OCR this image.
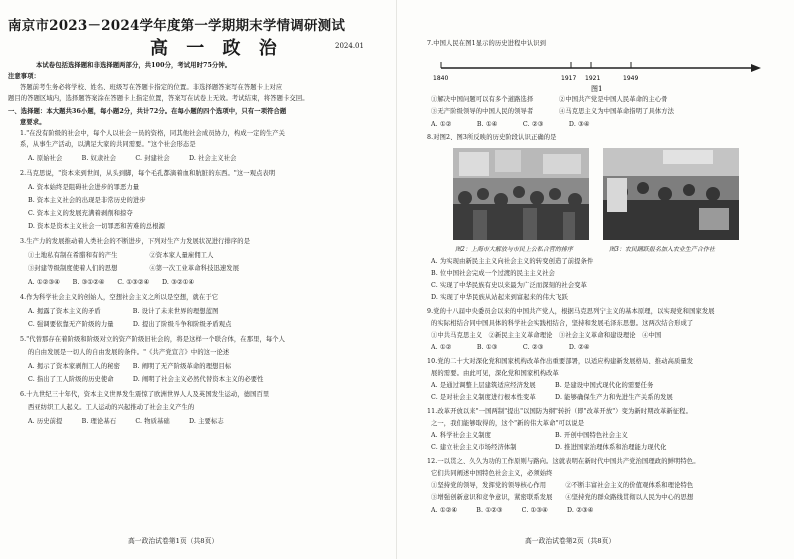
南京市2023－2024学年度第一学期期末学情调研测试
高 一 政 治	2024.01
本试卷包括选择题和非选择题两部分，共100分，考试用时75分钟。
注意事项：
答题前考生务必将学校、姓名、班级写在答题卡指定的位置。非选择题答案写在答题卡上对应
题目的答题区域内，选择题答案涂在答题卡上指定位置，答案写在试卷上无效。考试结束，将答题卡交回。
一、选择题：本大题共36小题，每小题2分，共计72分。在每小题的四个选项中，只有一项符合题
意要求。
1."在没有阶级的社会中，每个人以社会一员的资格，同其他社会成员协力，构成一定的生产关
系，从事生产活动，以满足大家的共同需要。"这个社会形态是
A. 原始社会　　　B. 奴隶社会　　　C. 封建社会　　　D. 社会主义社会
2.马克思说，"资本来到世间，从头到脚，每个毛孔都滴着血和肮脏的东西。"这一观点表明
A. 资本始终是阻碍社会进步的罪恶力量
B. 资本主义社会的出现是非常历史的进步
C. 资本主义的发展充满着剥削和掠夺
D. 资本是资本主义社会一切罪恶和苦难的总根源
3.生产力的发展推动着人类社会的不断进步，下列对生产力发展状况进行排序的是
①土地私有制在希腊和有的产生　　　　　②资本家人量雇佣工人
③封建等级制度使着人们的思想　　　　　④第一次工业革命科技迅速发展
A. ①②③④　　B. ③①②④　　C. ①③②④　　D. ③②①④
4.作为科学社会主义的创始人，空想社会主义之所以是空想，就在于它
A. 揭露了资本主义的矛盾　　　　　B. 设计了未来世界的理想蓝图
C. 强调要依靠无产阶级的力量　　　D. 提出了阶级斗争和阶级矛盾观点
5."代替那存在着阶级和阶级对立的资产阶级旧社会的，将是这样一个联合体，在那里，每个人
的自由发展是一切人的自由发展的条件。"《共产党宣言》中的这一论述
A. 揭示了资本家剥削工人的秘密　　B. 阐明了无产阶级革命的理想目标
C. 指出了工人阶级的历史使命　　　D. 阐明了社会主义必然代替资本主义的必要性
6.十九世纪三十年代，资本主义世界发生震惊了欧洲世界人人及英国发生运动，德国百里
西亚纺织工人起义。工人运动的兴起推动了社会主义产生的
A. 历史前提　　　B. 理论基石　　　C. 物质基础　　　D. 主要标志
高一政治试卷第1页（共8页）
7.中国人民在图1显示的历史进程中认识到
1840	1917 1921	1949
图1
①解决中国问题可以有多个道路选择　　　　②中国共产党是中国人民革命的主心骨
③无产阶级领导的中国人民的领导者　　　　④马克思主义为中国革命指明了具体方法
A. ①②　　　　B. ①④　　　　C. ②③　　　　D. ③④
8.对图2、图3所反映的历史阶段认识正确的是
图2：上海市大解放与市民上公私合营的排序	图3：农民踊跃报名加入农业生产合作社
A. 为实现由新民主主义向社会主义的转变创造了前提条件
B. 位中国社会完成一个过渡的民主主义社会
C. 实现了中华民族有史以来最为广泛而深刻的社会变革
D. 实现了中华民族从站起来到富起来的伟大飞跃
9.党的十八届中央委员会以来的中国共产党人，根据马克思列宁主义的基本原理，以实现党和国家发展
的实际相结合同中国具体的科学社会实践相结合，坚持和发展毛泽东思想。这两次结合形成了
①中共马克思主义　②新民主主义革命理论　③社会主义革命和建设理论　④中国
A. ①②　　　　B. ①③　　　　C. ②③　　　　D. ②④
10.党的二十大对深化党和国家机构改革作出重要部署，以适应构建新发展格局、推动高质量发
展的需要。由此可见，深化党和国家机构改革
A. 是通过调整上层建筑适应经济发展　　　B. 是建设中国式现代化的需要任务
C. 是对社会主义制度进行根本性变革　　　D. 能够确保生产力和先进生产关系的发展
11.改革开放以来"一国两制"提出"以国防为纲"转折（即"改革开放"）变为新时期改革新征程。
之一，我们能够取得的，这个"新的伟大革命"可以说是
A. 科学社会主义制度　　　　　　　　　　B. 开创中国特色社会主义
C. 建立社会主义市场经济体制　　　　　　D. 推进国家治理体系和治理能力现代化
12.一以贯之、久久为功的工作原则与路向。这就表明在新时代中国共产党治国理政的鲜明特色。
它们共同阐述中国特色社会主义，必须始终
①坚持党的领导，发挥党的领导核心作用　　　②不断丰富社会主义的价值观体系和理论特色
③增强创新意识和竞争意识，紧密联系发展　　④坚持党的群众路线贯彻以人民为中心的思想
A. ①②④　　　B. ①②③　　　C. ①③④　　　D. ②③④
高一政治试卷第2页（共8页）
